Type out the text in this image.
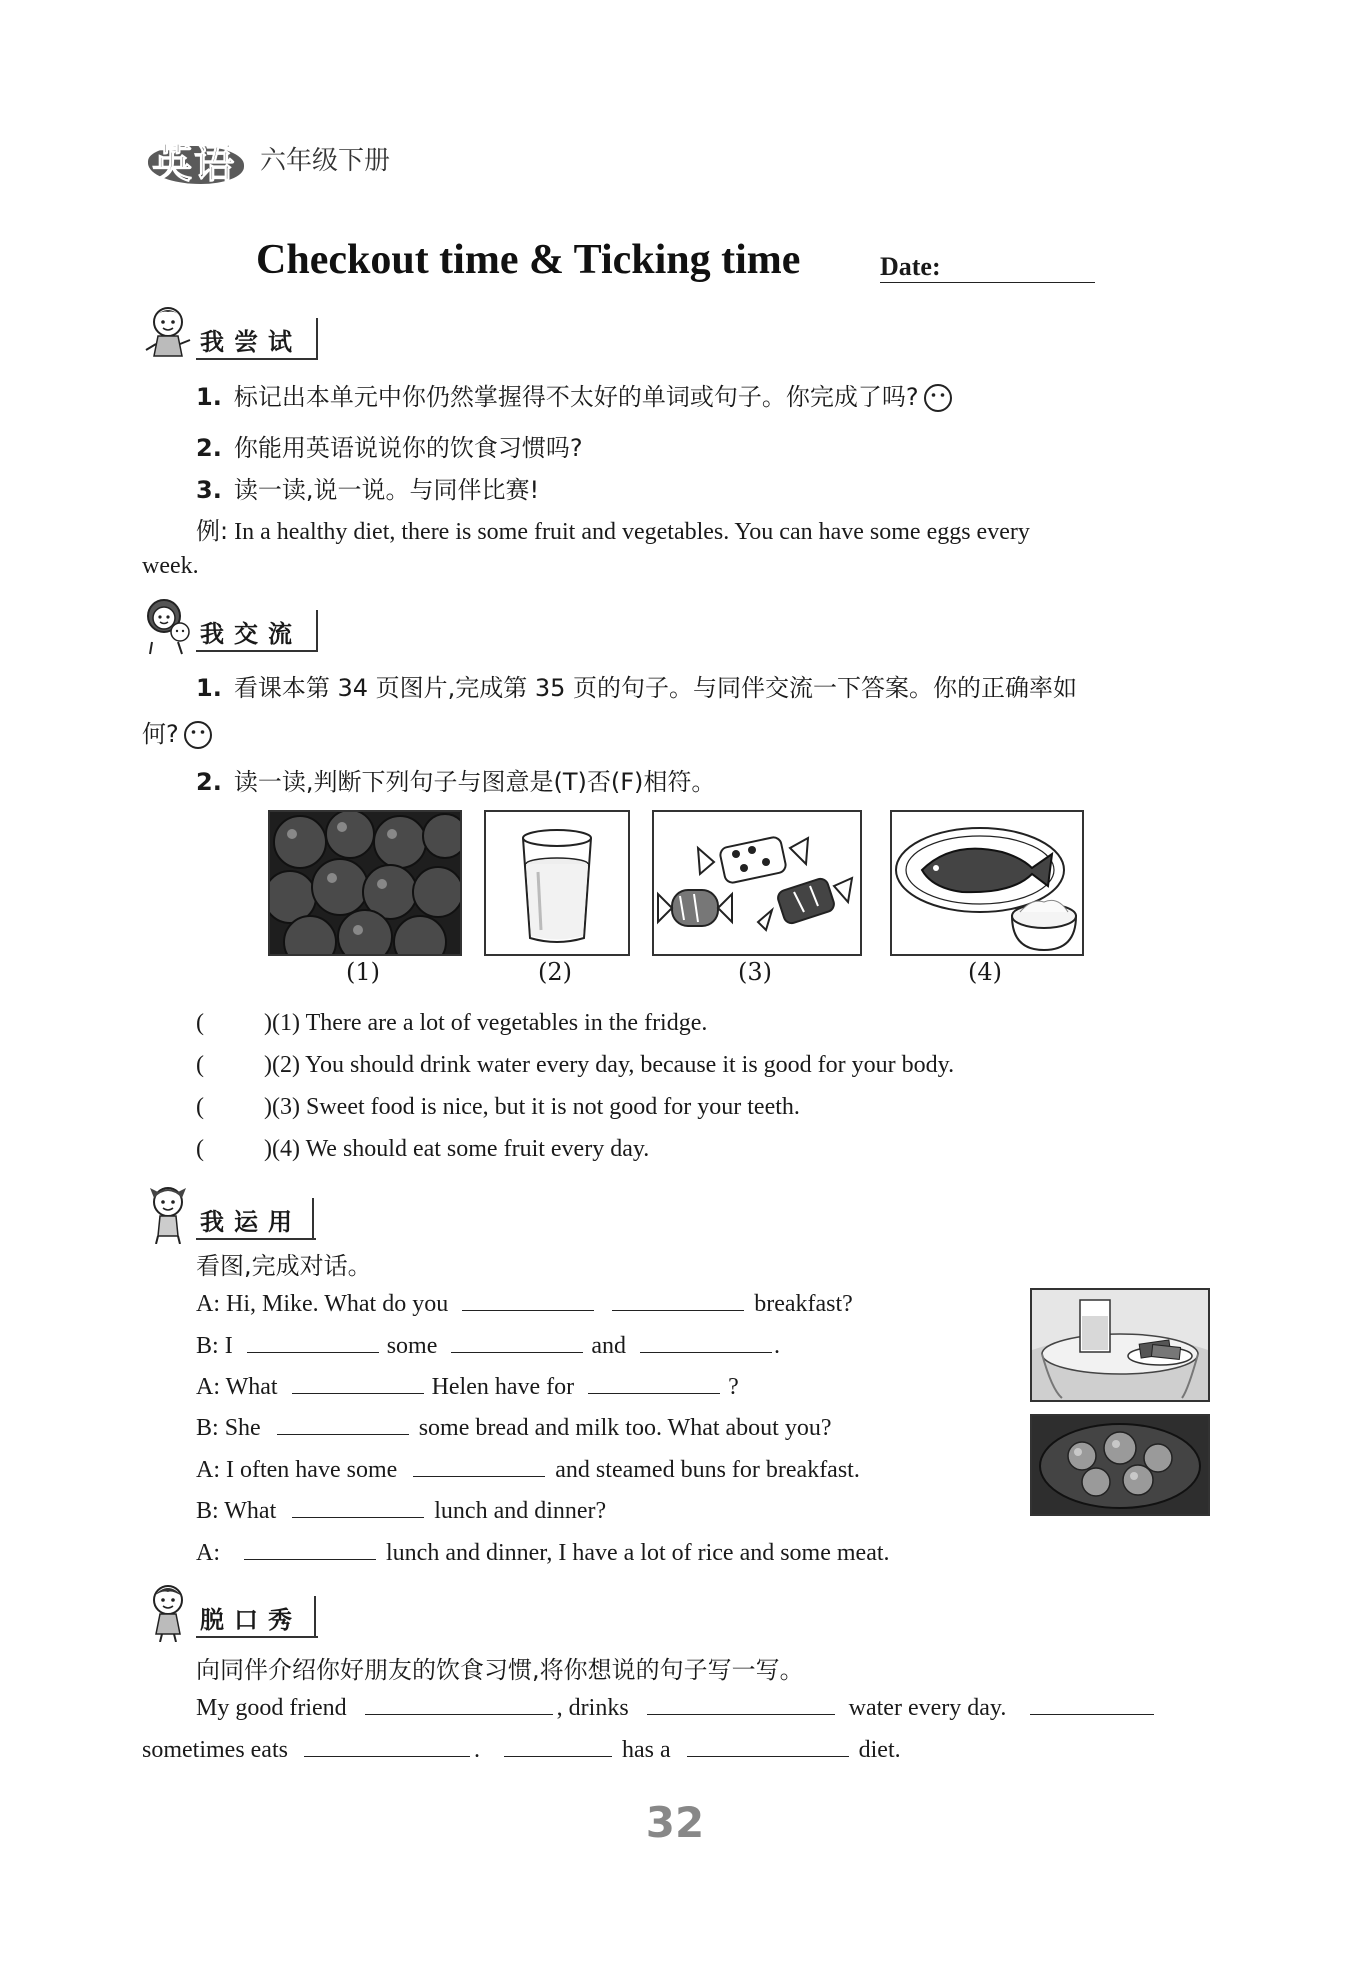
英语 六年级下册
Checkout time & Ticking time	Date:
我尝试
1. 标记出本单元中你仍然掌握得不太好的单词或句子。你完成了吗?
2. 你能用英语说说你的饮食习惯吗?
3. 读一读,说一说。与同伴比赛!
例: In a healthy diet, there is some fruit and vegetables. You can have some eggs every
week.
我交流
1. 看课本第 34 页图片,完成第 35 页的句子。与同伴交流一下答案。你的正确率如
何?
2. 读一读,判断下列句子与图意是(T)否(F)相符。
(1)	(2)	(3)	(4)
(	)(1) There are a lot of vegetables in the fridge.
(	)(2) You should drink water every day, because it is good for your body.
(	)(3) Sweet food is nice, but it is not good for your teeth.
(	)(4) We should eat some fruit every day.
我运用
看图,完成对话。
A: Hi, Mike. What do you	breakfast?
B: I	some	and	.
A: What	Helen have for	?
B: She	some bread and milk too. What about you?
A: I often have some	and steamed buns for breakfast.
B: What	lunch and dinner?
A:	lunch and dinner, I have a lot of rice and some meat.
脱口秀
向同伴介绍你好朋友的饮食习惯,将你想说的句子写一写。
My good friend	, drinks	water every day.
sometimes eats	.	has a	diet.
32
